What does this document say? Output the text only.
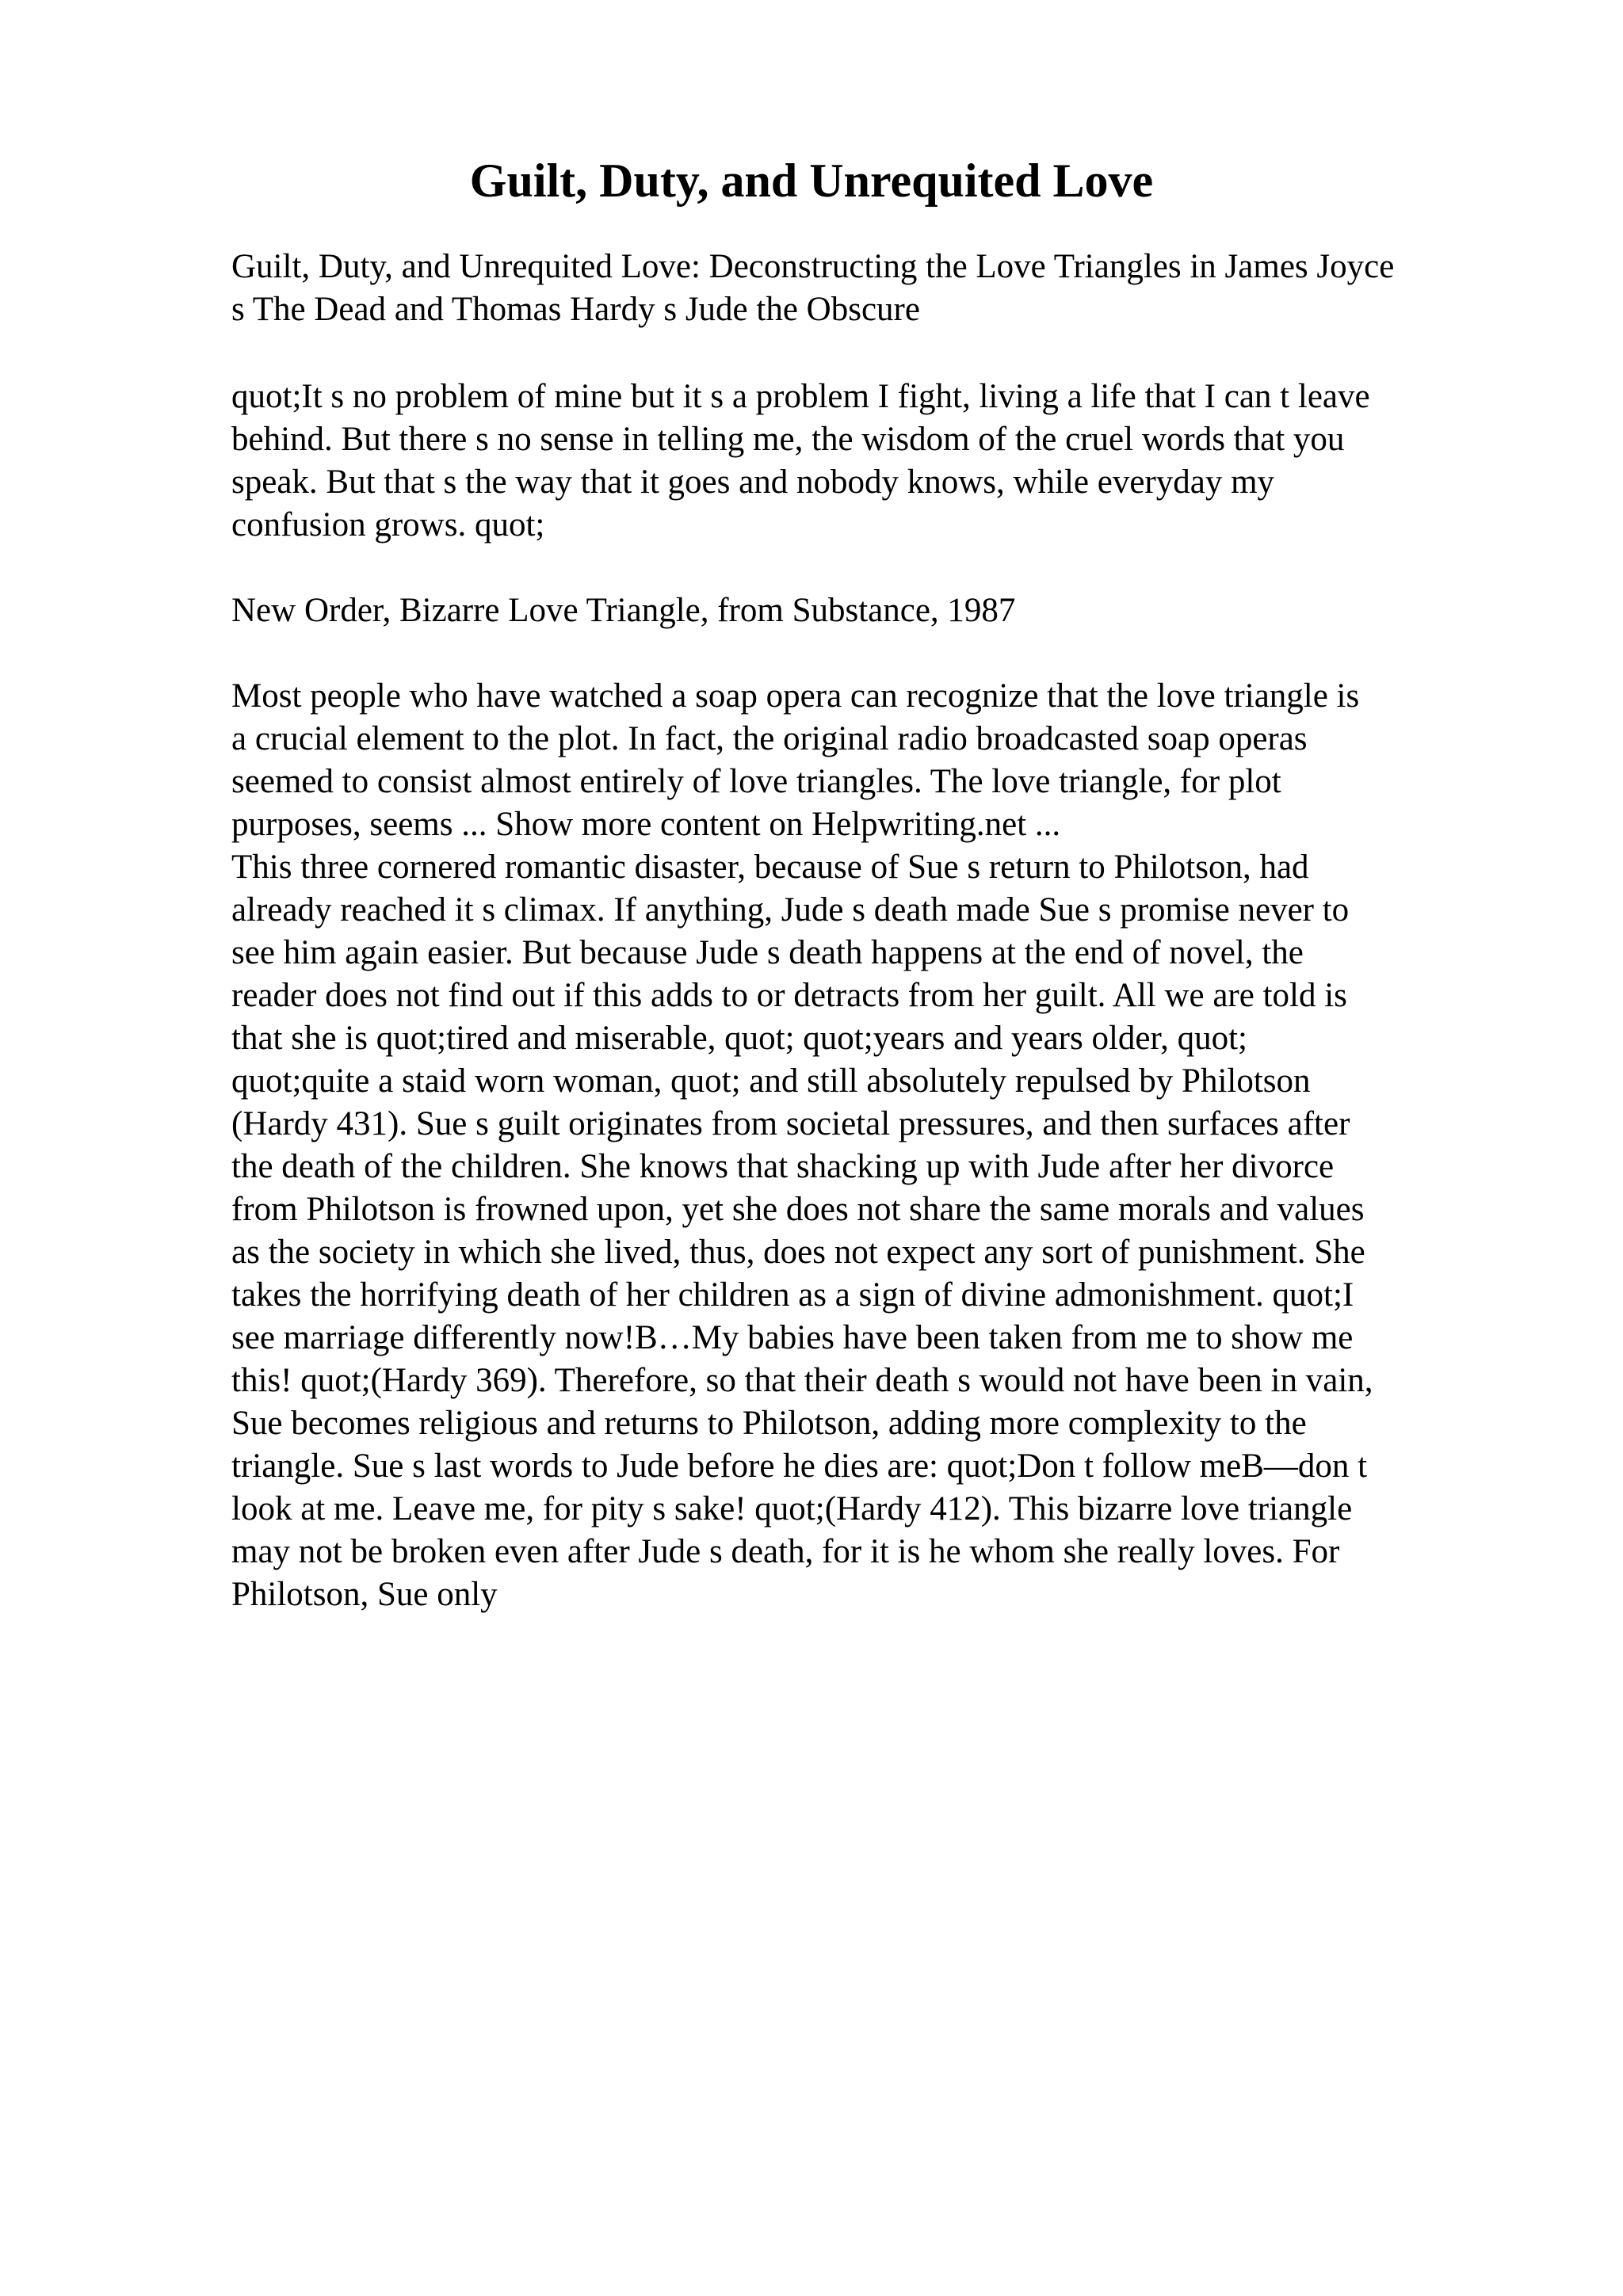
Guilt, Duty, and Unrequited Love

Guilt, Duty, and Unrequited Love: Deconstructing the Love Triangles in James Joyce
s The Dead and Thomas Hardy s Jude the Obscure

quot;It s no problem of mine but it s a problem I fight, living a life that I can t leave
behind. But there s no sense in telling me, the wisdom of the cruel words that you
speak. But that s the way that it goes and nobody knows, while everyday my
confusion grows. quot;

New Order, Bizarre Love Triangle, from Substance, 1987

Most people who have watched a soap opera can recognize that the love triangle is
a crucial element to the plot. In fact, the original radio broadcasted soap operas
seemed to consist almost entirely of love triangles. The love triangle, for plot
purposes, seems ... Show more content on Helpwriting.net ...
This three cornered romantic disaster, because of Sue s return to Philotson, had
already reached it s climax. If anything, Jude s death made Sue s promise never to
see him again easier. But because Jude s death happens at the end of novel, the
reader does not find out if this adds to or detracts from her guilt. All we are told is
that she is quot;tired and miserable, quot; quot;years and years older, quot;
quot;quite a staid worn woman, quot; and still absolutely repulsed by Philotson
(Hardy 431). Sue s guilt originates from societal pressures, and then surfaces after
the death of the children. She knows that shacking up with Jude after her divorce
from Philotson is frowned upon, yet she does not share the same morals and values
as the society in which she lived, thus, does not expect any sort of punishment. She
takes the horrifying death of her children as a sign of divine admonishment. quot;I
see marriage differently now!B…My babies have been taken from me to show me
this! quot;(Hardy 369). Therefore, so that their death s would not have been in vain,
Sue becomes religious and returns to Philotson, adding more complexity to the
triangle. Sue s last words to Jude before he dies are: quot;Don t follow meB—don t
look at me. Leave me, for pity s sake! quot;(Hardy 412). This bizarre love triangle
may not be broken even after Jude s death, for it is he whom she really loves. For
Philotson, Sue only
